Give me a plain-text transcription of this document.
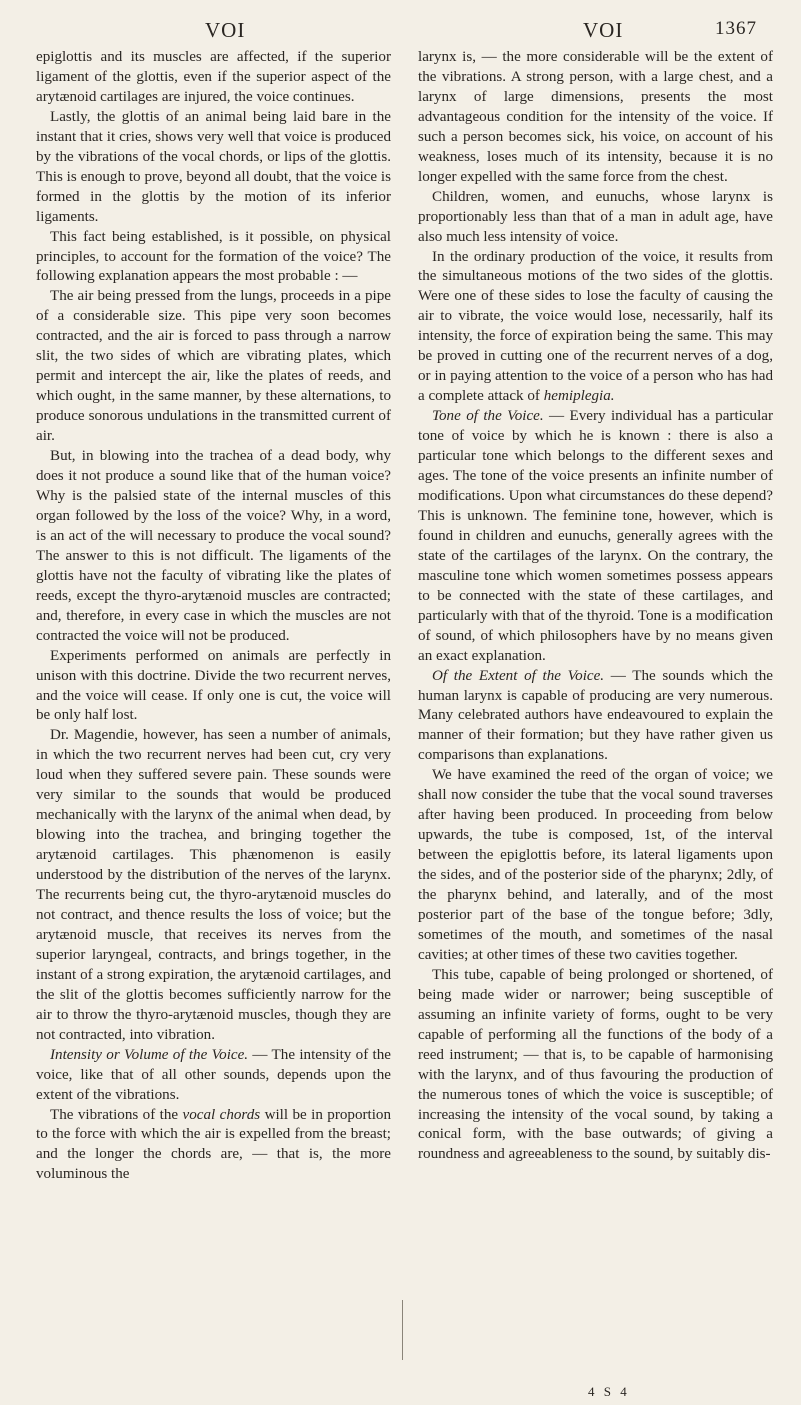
VOI	VOI	1367

epiglottis and its muscles are affected, if the superior ligament of the glottis, even if the superior aspect of the arytænoid cartilages are injured, the voice continues.

Lastly, the glottis of an animal being laid bare in the instant that it cries, shows very well that voice is produced by the vibrations of the vocal chords, or lips of the glottis. This is enough to prove, beyond all doubt, that the voice is formed in the glottis by the motion of its inferior ligaments.

This fact being established, is it possible, on physical principles, to account for the formation of the voice? The following explanation appears the most probable : —

The air being pressed from the lungs, proceeds in a pipe of a considerable size. This pipe very soon becomes contracted, and the air is forced to pass through a narrow slit, the two sides of which are vibrating plates, which permit and intercept the air, like the plates of reeds, and which ought, in the same manner, by these alternations, to produce sonorous undulations in the transmitted current of air.

But, in blowing into the trachea of a dead body, why does it not produce a sound like that of the human voice? Why is the palsied state of the internal muscles of this organ followed by the loss of the voice? Why, in a word, is an act of the will necessary to produce the vocal sound? The answer to this is not difficult. The ligaments of the glottis have not the faculty of vibrating like the plates of reeds, except the thyro-arytænoid muscles are contracted; and, therefore, in every case in which the muscles are not contracted the voice will not be produced.

Experiments performed on animals are perfectly in unison with this doctrine. Divide the two recurrent nerves, and the voice will cease. If only one is cut, the voice will be only half lost.

Dr. Magendie, however, has seen a number of animals, in which the two recurrent nerves had been cut, cry very loud when they suffered severe pain. These sounds were very similar to the sounds that would be produced mechanically with the larynx of the animal when dead, by blowing into the trachea, and bringing together the arytænoid cartilages. This phænomenon is easily understood by the distribution of the nerves of the larynx. The recurrents being cut, the thyro-arytænoid muscles do not contract, and thence results the loss of voice; but the arytænoid muscle, that receives its nerves from the superior laryngeal, contracts, and brings together, in the instant of a strong expiration, the arytænoid cartilages, and the slit of the glottis becomes sufficiently narrow for the air to throw the thyro-arytænoid muscles, though they are not contracted, into vibration.

Intensity or Volume of the Voice. — The intensity of the voice, like that of all other sounds, depends upon the extent of the vibrations.

The vibrations of the vocal chords will be in proportion to the force with which the air is expelled from the breast; and the longer the chords are, — that is, the more voluminous the

larynx is, — the more considerable will be the extent of the vibrations. A strong person, with a large chest, and a larynx of large dimensions, presents the most advantageous condition for the intensity of the voice. If such a person becomes sick, his voice, on account of his weakness, loses much of its intensity, because it is no longer expelled with the same force from the chest.

Children, women, and eunuchs, whose larynx is proportionably less than that of a man in adult age, have also much less intensity of voice.

In the ordinary production of the voice, it results from the simultaneous motions of the two sides of the glottis. Were one of these sides to lose the faculty of causing the air to vibrate, the voice would lose, necessarily, half its intensity, the force of expiration being the same. This may be proved in cutting one of the recurrent nerves of a dog, or in paying attention to the voice of a person who has had a complete attack of hemiplegia.

Tone of the Voice. — Every individual has a particular tone of voice by which he is known : there is also a particular tone which belongs to the different sexes and ages. The tone of the voice presents an infinite number of modifications. Upon what circumstances do these depend? This is unknown. The feminine tone, however, which is found in children and eunuchs, generally agrees with the state of the cartilages of the larynx. On the contrary, the masculine tone which women sometimes possess appears to be connected with the state of these cartilages, and particularly with that of the thyroid. Tone is a modification of sound, of which philosophers have by no means given an exact explanation.

Of the Extent of the Voice. — The sounds which the human larynx is capable of producing are very numerous. Many celebrated authors have endeavoured to explain the manner of their formation; but they have rather given us comparisons than explanations.

We have examined the reed of the organ of voice; we shall now consider the tube that the vocal sound traverses after having been produced. In proceeding from below upwards, the tube is composed, 1st, of the interval between the epiglottis before, its lateral ligaments upon the sides, and of the posterior side of the pharynx; 2dly, of the pharynx behind, and laterally, and of the most posterior part of the base of the tongue before; 3dly, sometimes of the mouth, and sometimes of the nasal cavities; at other times of these two cavities together.

This tube, capable of being prolonged or shortened, of being made wider or narrower; being susceptible of assuming an infinite variety of forms, ought to be very capable of performing all the functions of the body of a reed instrument; — that is, to be capable of harmonising with the larynx, and of thus favouring the production of the numerous tones of which the voice is susceptible; of increasing the intensity of the vocal sound, by taking a conical form, with the base outwards; of giving a roundness and agreeableness to the sound, by suitably dis-

4 S 4
